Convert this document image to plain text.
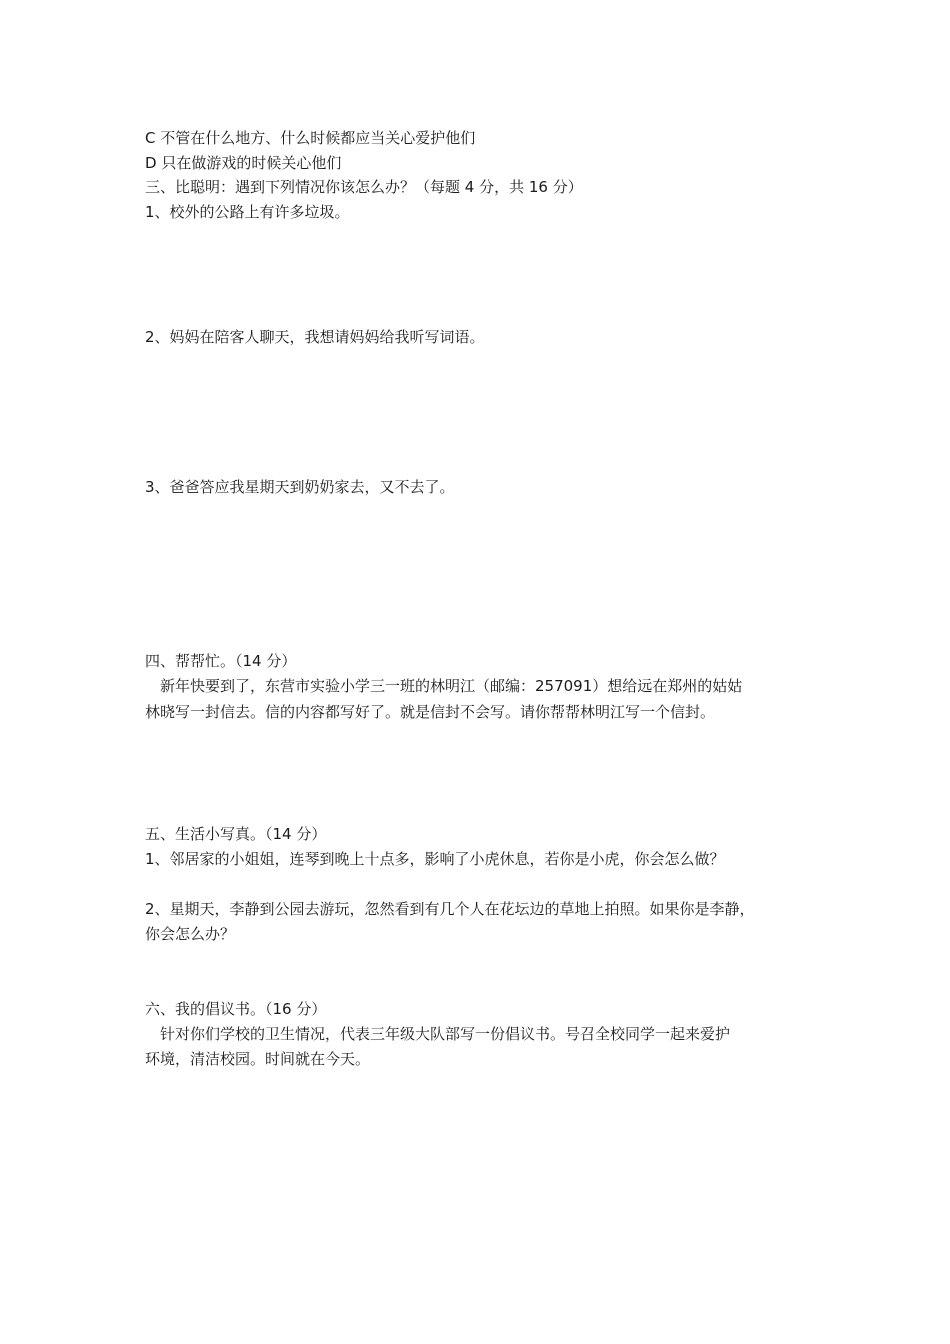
C 不管在什么地方、什么时候都应当关心爱护他们
D 只在做游戏的时候关心他们
三、比聪明：遇到下列情况你该怎么办？（每题 4 分，共 16 分）
1、校外的公路上有许多垃圾。
2、妈妈在陪客人聊天，我想请妈妈给我听写词语。
3、爸爸答应我星期天到奶奶家去，又不去了。
四、帮帮忙。（14 分）
新年快要到了，东营市实验小学三一班的林明江（邮编：257091）想给远在郑州的姑姑
林晓写一封信去。信的内容都写好了。就是信封不会写。请你帮帮林明江写一个信封。
五、生活小写真。（14 分）
1、邻居家的小姐姐，连琴到晚上十点多，影响了小虎休息，若你是小虎，你会怎么做？
2、星期天，李静到公园去游玩，忽然看到有几个人在花坛边的草地上拍照。如果你是李静，
你会怎么办？
六、我的倡议书。（16 分）
针对你们学校的卫生情况，代表三年级大队部写一份倡议书。号召全校同学一起来爱护
环境，清洁校园。时间就在今天。
